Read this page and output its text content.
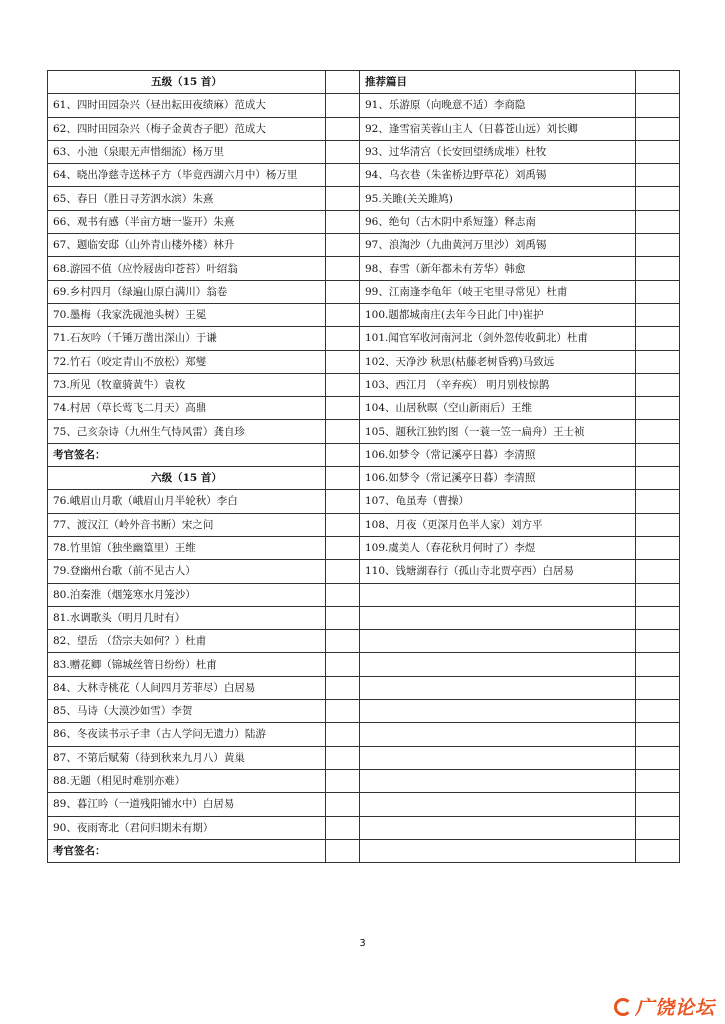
五级（15 首）		推荐篇目	
61、四时田园杂兴（昼出耘田夜绩麻）范成大		91、乐游原（向晚意不适）李商隐	
62、四时田园杂兴（梅子金黄杏子肥）范成大		92、逢雪宿芙蓉山主人（日暮苍山远）刘长卿	
63、小池（泉眼无声惜细流）杨万里		93、过华清宫（长安回望绣成堆）杜牧	
64、晓出净慈寺送林子方（毕竟西湖六月中）杨万里		94、乌衣巷（朱雀桥边野草花）刘禹锡	
65、春日（胜日寻芳泗水滨）朱熹		95.关雎(关关雎鸠)	
66、观书有感（半亩方塘一鉴开）朱熹		96、绝句（古木阴中系短篷）释志南	
67、题临安邸（山外青山楼外楼）林升		97、浪淘沙（九曲黄河万里沙）刘禹锡	
68.游园不值（应怜屐齿印苍苔）叶绍翁		98、春雪（新年都未有芳华）韩愈	
69.乡村四月（绿遍山原白满川）翁卷		99、江南逢李龟年（岐王宅里寻常见）杜甫	
70.墨梅（我家洗砚池头树）王冕		100.题都城南庄(去年今日此门中)崔护	
71.石灰吟（千锤万凿出深山）于谦		101.闻官军收河南河北（剑外忽传收蓟北）杜甫	
72.竹石（咬定青山不放松）郑燮		102、天净沙 秋思(枯藤老树昏鸦)马致远	
73.所见（牧童骑黄牛）袁枚		103、西江月 （辛弃疾） 明月别枝惊鹊	
74.村居（草长莺飞二月天）高鼎		104、山居秋暝（空山新雨后）王维	
75、己亥杂诗（九州生气恃风雷）龚自珍		105、题秋江独钓图（一蓑一笠一扁舟）王士祯	
考官签名：		106.如梦令（常记溪亭日暮）李清照	
六级（15 首）		106.如梦令（常记溪亭日暮）李清照	
76.峨眉山月歌（峨眉山月半轮秋）李白		107、龟虽寿（曹操）	
77、渡汉江（岭外音书断）宋之问		108、月夜（更深月色半人家）刘方平	
78.竹里馆（独坐幽篁里）王维		109.虞美人（春花秋月何时了）李煜	
79.登幽州台歌（前不见古人）		110、钱塘湖春行（孤山寺北贾亭西）白居易	
80.泊秦淮（烟笼寒水月笼沙）			
81.水调歌头（明月几时有）			
82、望岳 （岱宗夫如何？）杜甫			
83.赠花卿（锦城丝管日纷纷）杜甫			
84、大林寺桃花（人间四月芳菲尽）白居易			
85、马诗（大漠沙如雪）李贺			
86、冬夜读书示子聿（古人学问无遗力）陆游			
87、不第后赋菊（待到秋来九月八）黄巢			
88.无题（相见时难别亦难）			
89、暮江吟（一道残阳铺水中）白居易			
90、夜雨寄北（君问归期未有期）			
考官签名：			
3
广饶论坛
